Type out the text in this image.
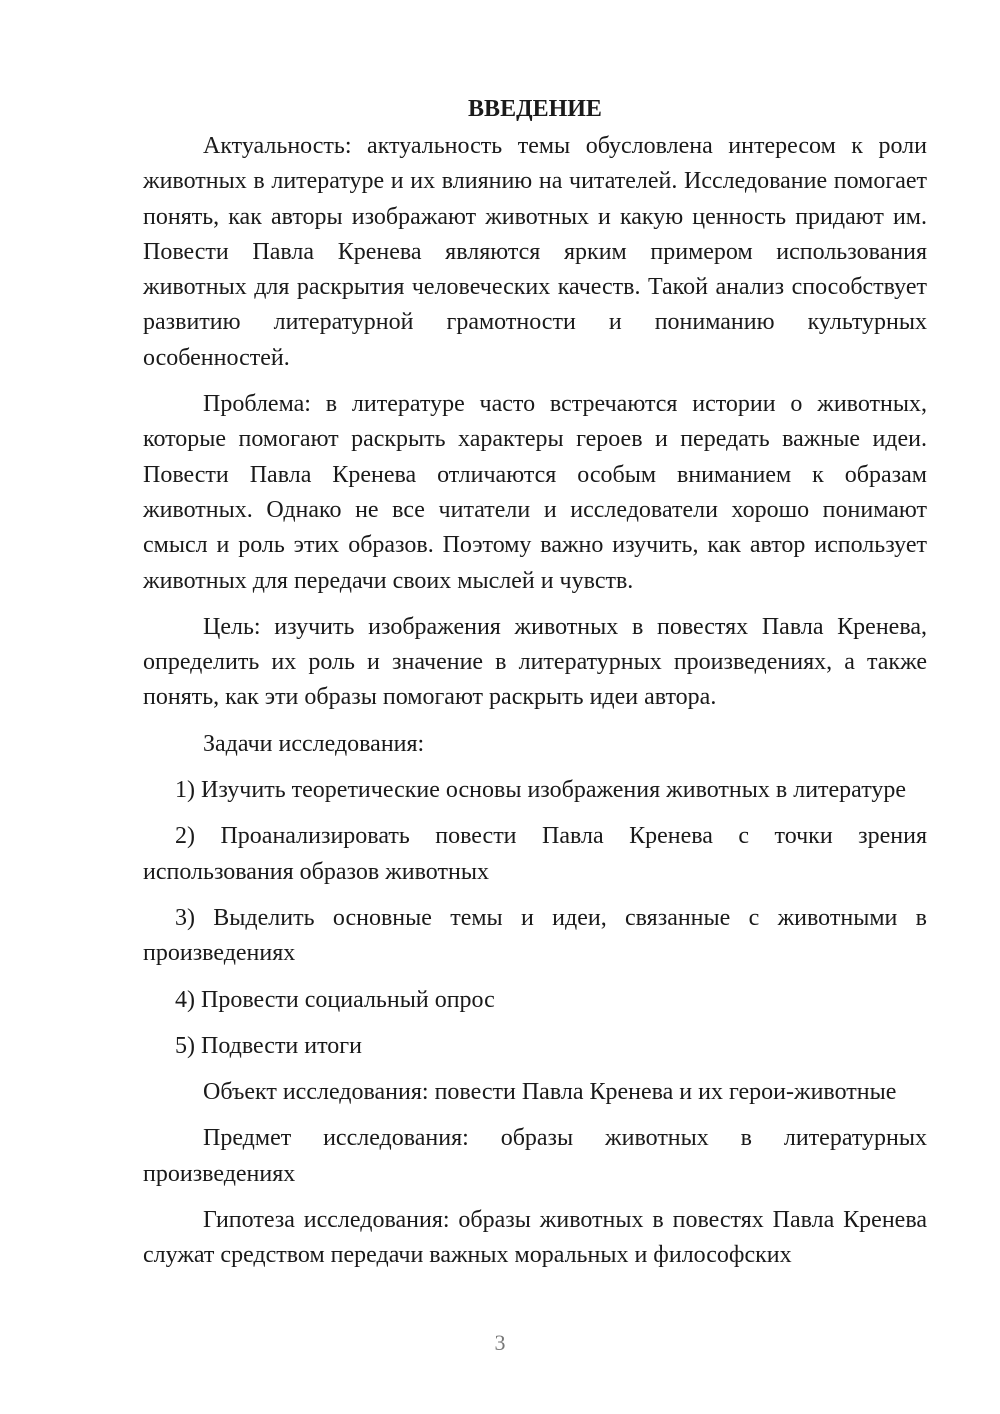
ВВЕДЕНИЕ

Актуальность: актуальность темы обусловлена интересом к роли животных в литературе и их влиянию на читателей. Исследование помогает понять, как авторы изображают животных и какую ценность придают им. Повести Павла Кренева являются ярким примером использования животных для раскрытия человеческих качеств. Такой анализ способствует развитию литературной грамотности и пониманию культурных особенностей.

Проблема: в литературе часто встречаются истории о животных, которые помогают раскрыть характеры героев и передать важные идеи. Повести Павла Кренева отличаются особым вниманием к образам животных. Однако не все читатели и исследователи хорошо понимают смысл и роль этих образов. Поэтому важно изучить, как автор использует животных для передачи своих мыслей и чувств.

Цель: изучить изображения животных в повестях Павла Кренева, определить их роль и значение в литературных произведениях, а также понять, как эти образы помогают раскрыть идеи автора.

Задачи исследования:

1) Изучить теоретические основы изображения животных в литературе

2) Проанализировать повести Павла Кренева с точки зрения использования образов животных

3) Выделить основные темы и идеи, связанные с животными в произведениях

4) Провести социальный опрос

5) Подвести итоги

Объект исследования: повести Павла Кренева и их герои-животные

Предмет исследования: образы животных в литературных произведениях

Гипотеза исследования: образы животных в повестях Павла Кренева служат средством передачи важных моральных и философских

3
